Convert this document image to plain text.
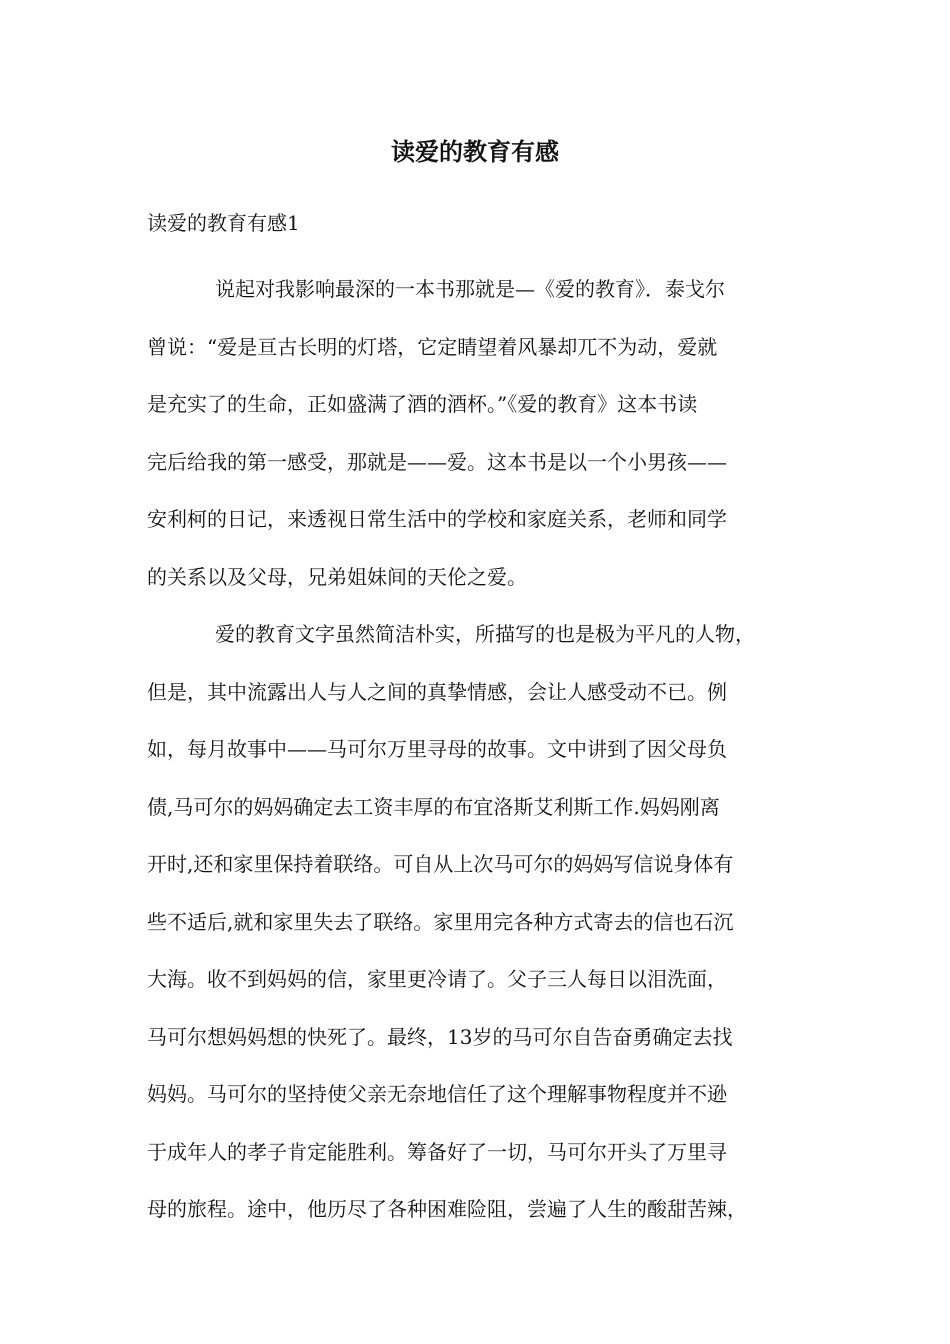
读爱的教育有感
读爱的教育有感1
说起对我影响最深的一本书那就是—《爱的教育》．泰戈尔
曾说：“爱是亘古长明的灯塔，它定睛望着风暴却兀不为动，爱就
是充实了的生命，正如盛满了酒的酒杯。”《爱的教育》这本书读
完后给我的第一感受，那就是——爱。这本书是以一个小男孩——
安利柯的日记，来透视日常生活中的学校和家庭关系，老师和同学
的关系以及父母，兄弟姐妹间的天伦之爱。
爱的教育文字虽然简洁朴实，所描写的也是极为平凡的人物，
但是，其中流露出人与人之间的真挚情感，会让人感受动不已。例
如，每月故事中——马可尔万里寻母的故事。文中讲到了因父母负
债,马可尔的妈妈确定去工资丰厚的布宜洛斯艾利斯工作.妈妈刚离
开时,还和家里保持着联络。可自从上次马可尔的妈妈写信说身体有
些不适后,就和家里失去了联络。家里用完各种方式寄去的信也石沉
大海。收不到妈妈的信，家里更冷请了。父子三人每日以泪洗面，
马可尔想妈妈想的快死了。最终，13岁的马可尔自告奋勇确定去找
妈妈。马可尔的坚持使父亲无奈地信任了这个理解事物程度并不逊
于成年人的孝子肯定能胜利。筹备好了一切，马可尔开头了万里寻
母的旅程。途中，他历尽了各种困难险阻，尝遍了人生的酸甜苦辣，
